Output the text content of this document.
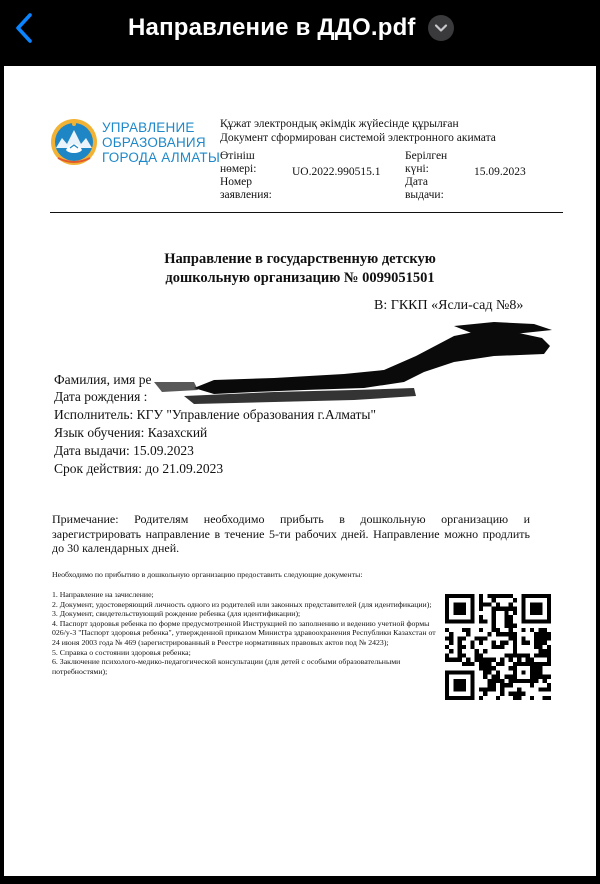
Направление в ДДО.pdf
УПРАВЛЕНИЕ
ОБРАЗОВАНИЯ
ГОРОДА АЛМАТЫ
Құжат электрондық әкімдік жүйесінде құрылған
Документ сформирован системой электронного акимата
Өтініш
нөмері:
Номер
заявления:
UO.2022.990515.1
Берілген
күні:
Дата
выдачи:
15.09.2023
Направление в государственную детскую
дошкольную организацию № 0099051501
В: ГККП «Ясли-сад №8»
Фамилия, имя ре
Дата рождения :
Исполнитель: КГУ "Управление образования г.Алматы"
Язык обучения: Казахский
Дата выдачи: 15.09.2023
Срок действия: до 21.09.2023
Примечание: Родителям необходимо прибыть в дошкольную организацию и зарегистрировать направление в течение 5-ти рабочих дней. Направление можно продлить до 30 календарных дней.
Необходимо по прибытию в дошкольную организацию предоставить следующие документы:
1. Направление на зачисление;
2. Документ, удостоверяющий личность одного из родителей или законных представителей (для идентификации);
3. Документ, свидетельствующий рождение ребенка (для идентификации);
4. Паспорт здоровья ребенка по форме предусмотренной Инструкцией по заполнению и ведению учетной формы 026/у-3 "Паспорт здоровья ребенка", утвержденной приказом Министра здравоохранения Республики Казахстан от 24 июня 2003 года № 469 (зарегистрированный в Реестре нормативных правовых актов под № 2423);
5. Справка о состоянии здоровья ребенка;
6. Заключение психолого-медико-педагогической консультации (для детей с особыми образовательными потребностями);
